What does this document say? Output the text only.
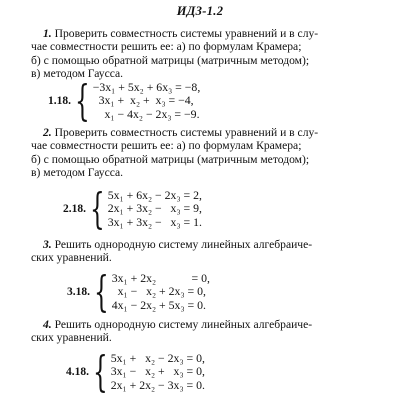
ИДЗ-1.2
1. Проверить совместность системы уравнений и в слу-
чае совместности решить ее: а) по формулам Крамера;
б) с помощью обратной матрицы (матричным методом);
в) методом Гаусса.
1.18. { −3x₁ + 5x₂ + 6x₃ = −8,
3x₁ +  x₂ +  x₃ = −4,
x₁ − 4x₂ − 2x₃ = −9.
2. Проверить совместность системы уравнений и в слу-
чае совместности решить ее: а) по формулам Крамера;
б) с помощью обратной матрицы (матричным методом);
в) методом Гаусса.
2.18. { 5x₁ + 6x₂ − 2x₃ = 2,
2x₁ + 3x₂ −   x₃ = 9,
3x₁ + 3x₂ −   x₃ = 1.
3. Решить однородную систему линейных алгебраиче-
ских уравнений.
3.18. { 3x₁ + 2x₂            = 0,
x₁ −   x₂ + 2x₃ = 0,
4x₁ − 2x₂ + 5x₃ = 0.
4. Решить однородную систему линейных алгебраиче-
ских уравнений.
4.18. { 5x₁ +   x₂ − 2x₃ = 0,
3x₁ −   x₂ +   x₃ = 0,
2x₁ + 2x₂ − 3x₃ = 0.
